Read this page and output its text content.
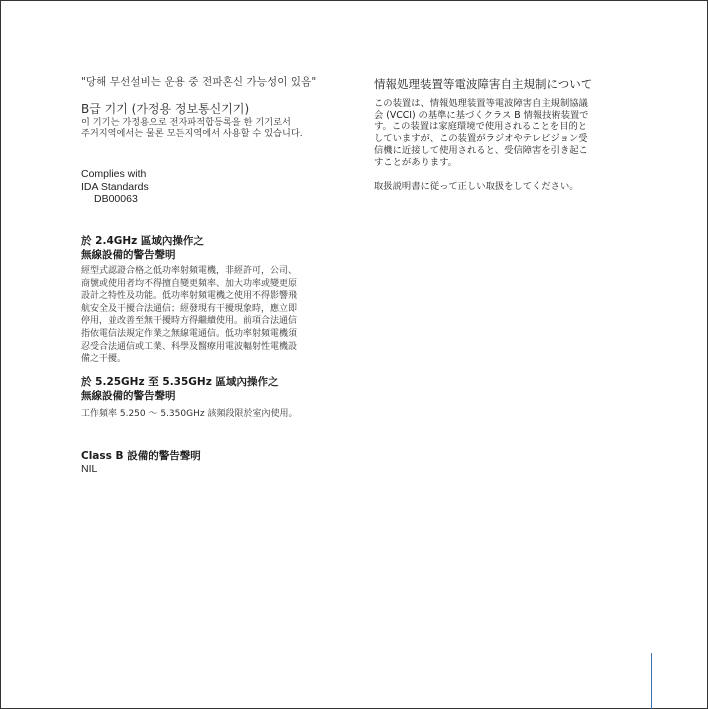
"당해 무선설비는 운용 중 전파혼신 가능성이 있음"

B급 기기 (가정용 정보통신기기)

이 기기는 가정용으로 전자파적합등록을 한 기기로서
주거지역에서는 물론 모든지역에서 사용할 수 있습니다.
Complies with
IDA Standards
DB00063
於 2.4GHz 區域內操作之
無線設備的警告聲明

經型式認證合格之低功率射頻電機，非經許可，公司、
商號或使用者均不得擅自變更頻率、加大功率或變更原
設計之特性及功能。低功率射頻電機之使用不得影響飛
航安全及干擾合法通信；經發現有干擾現象時，應立即
停用，並改善至無干擾時方得繼續使用。前項合法通信
指依電信法規定作業之無線電通信。低功率射頻電機須
忍受合法通信或工業、科學及醫療用電波輻射性電機設
備之干擾。

於 5.25GHz 至 5.35GHz 區域內操作之
無線設備的警告聲明

工作頻率 5.250 ～ 5.350GHz 該頻段限於室內使用。

Class B 設備的警告聲明

NIL

情報処理装置等電波障害自主規制について

この装置は、情報処理装置等電波障害自主規制協議
会 (VCCI) の基準に基づくクラス B 情報技術装置で
す。この装置は家庭環境で使用されることを目的と
していますが、この装置がラジオやテレビジョン受
信機に近接して使用されると、受信障害を引き起こ
すことがあります。

取扱説明書に従って正しい取扱をしてください。
